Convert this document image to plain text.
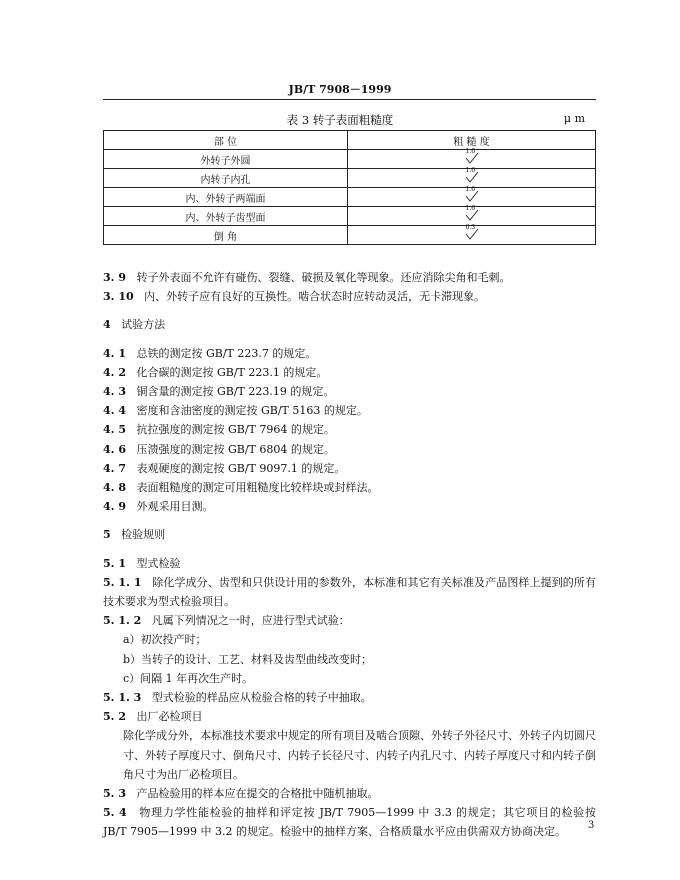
JB/T 7908－1999
表 3 转子表面粗糙度	μ m
部 位	粗 糙 度
外转子外圆	1.6

内转子内孔	1.6

内、外转子两端面	1.6

内、外转子齿型面	1.6

倒 角	6.3

3. 9 转子外表面不允许有碰伤、裂缝、破损及氧化等现象。还应消除尖角和毛刺。

3. 10 内、外转子应有良好的互换性。啮合状态时应转动灵活，无卡滞现象。

4 试验方法

4. 1 总铁的测定按 GB/T 223.7 的规定。

4. 2 化合碳的测定按 GB/T 223.1 的规定。

4. 3 铜含量的测定按 GB/T 223.19 的规定。

4. 4 密度和含油密度的测定按 GB/T 5163 的规定。

4. 5 抗拉强度的测定按 GB/T 7964 的规定。

4. 6 压溃强度的测定按 GB/T 6804 的规定。

4. 7 表观硬度的测定按 GB/T 9097.1 的规定。

4. 8 表面粗糙度的测定可用粗糙度比较样块或封样法。

4. 9 外观采用目测。

5 检验规则

5. 1 型式检验

5. 1. 1 除化学成分、齿型和只供设计用的参数外，本标准和其它有关标准及产品图样上提到的所有技术要求为型式检验项目。

5. 1. 2 凡属下列情况之一时，应进行型式试验：

a）初次投产时；

b）当转子的设计、工艺、材料及齿型曲线改变时；

c）间隔 1 年再次生产时。

5. 1. 3 型式检验的样品应从检验合格的转子中抽取。

5. 2 出厂必检项目

除化学成分外，本标准技术要求中规定的所有项目及啮合顶隙、外转子外径尺寸、外转子内切圆尺寸、外转子厚度尺寸、倒角尺寸、内转子长径尺寸、内转子内孔尺寸、内转子厚度尺寸和内转子倒角尺寸为出厂必检项目。

5. 3 产品检验用的样本应在提交的合格批中随机抽取。

5. 4 物理力学性能检验的抽样和评定按 JB/T 7905—1999 中 3.3 的规定；其它项目的检验按 JB/T 7905—1999 中 3.2 的规定。检验中的抽样方案、合格质量水平应由供需双方协商决定。	3
